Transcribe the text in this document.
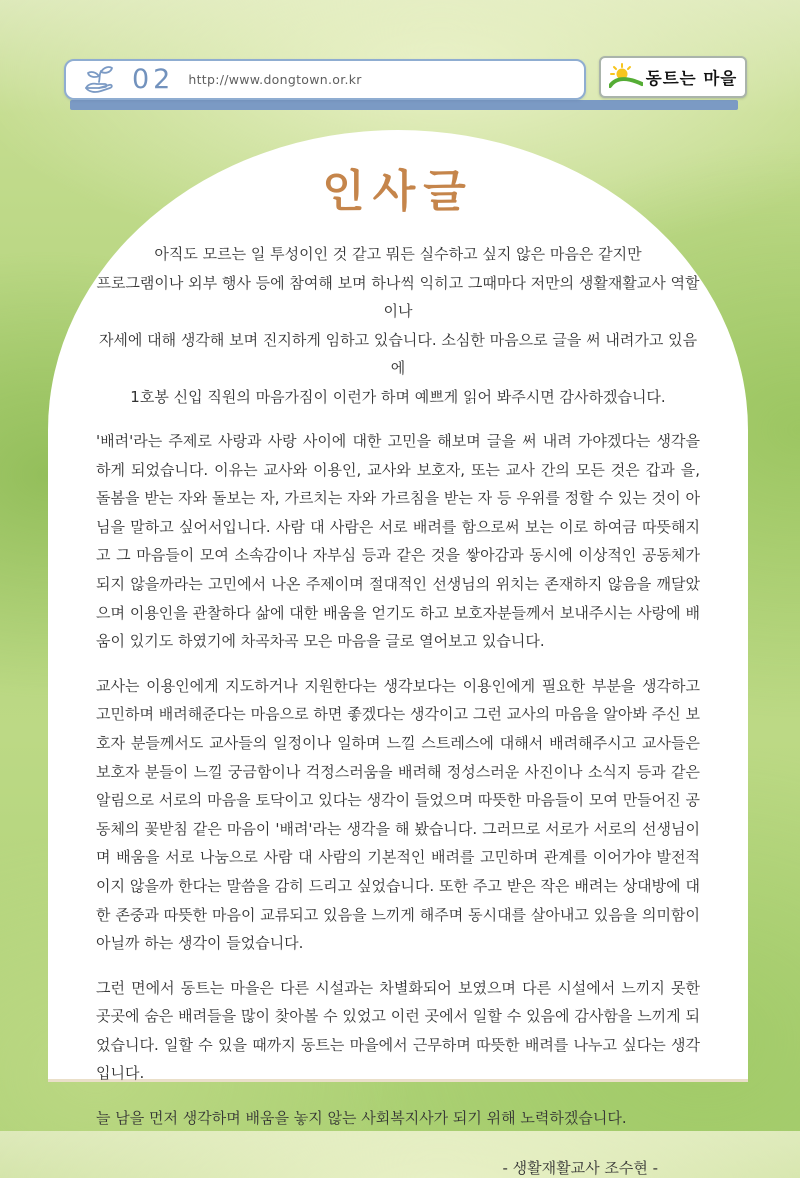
02 http://www.dongtown.or.kr	동트는 마을
인사글
아직도 모르는 일 투성이인 것 같고 뭐든 실수하고 싶지 않은 마음은 같지만
프로그램이나 외부 행사 등에 참여해 보며 하나씩 익히고 그때마다 저만의 생활재활교사 역할이나
자세에 대해 생각해 보며 진지하게 임하고 있습니다. 소심한 마음으로 글을 써 내려가고 있음에
1호봉 신입 직원의 마음가짐이 이런가 하며 예쁘게 읽어 봐주시면 감사하겠습니다.

'배려'라는 주제로 사랑과 사랑 사이에 대한 고민을 해보며 글을 써 내려 가야겠다는 생각을 하게 되었습니다. 이유는 교사와 이용인, 교사와 보호자, 또는 교사 간의 모든 것은 갑과 을, 돌봄을 받는 자와 돌보는 자, 가르치는 자와 가르침을 받는 자 등 우위를 정할 수 있는 것이 아님을 말하고 싶어서입니다. 사람 대 사람은 서로 배려를 함으로써 보는 이로 하여금 따뜻해지고 그 마음들이 모여 소속감이나 자부심 등과 같은 것을 쌓아감과 동시에 이상적인 공동체가 되지 않을까라는 고민에서 나온 주제이며 절대적인 선생님의 위치는 존재하지 않음을 깨달았으며 이용인을 관찰하다 삶에 대한 배움을 얻기도 하고 보호자분들께서 보내주시는 사랑에 배움이 있기도 하였기에 차곡차곡 모은 마음을 글로 열어보고 있습니다.

교사는 이용인에게 지도하거나 지원한다는 생각보다는 이용인에게 필요한 부분을 생각하고 고민하며 배려해준다는 마음으로 하면 좋겠다는 생각이고 그런 교사의 마음을 알아봐 주신 보호자 분들께서도 교사들의 일정이나 일하며 느낄 스트레스에 대해서 배려해주시고 교사들은 보호자 분들이 느낄 궁금함이나 걱정스러움을 배려해 정성스러운 사진이나 소식지 등과 같은 알림으로 서로의 마음을 토닥이고 있다는 생각이 들었으며 따뜻한 마음들이 모여 만들어진 공동체의 꽃받침 같은 마음이 '배려'라는 생각을 해 봤습니다. 그러므로 서로가 서로의 선생님이며 배움을 서로 나눔으로 사람 대 사람의 기본적인 배려를 고민하며 관계를 이어가야 발전적이지 않을까 한다는 말씀을 감히 드리고 싶었습니다. 또한 주고 받은 작은 배려는 상대방에 대한 존중과 따뜻한 마음이 교류되고 있음을 느끼게 해주며 동시대를 살아내고 있음을 의미함이 아닐까 하는 생각이 들었습니다.

그런 면에서 동트는 마을은 다른 시설과는 차별화되어 보였으며 다른 시설에서 느끼지 못한 곳곳에 숨은 배려들을 많이 찾아볼 수 있었고 이런 곳에서 일할 수 있음에 감사함을 느끼게 되었습니다. 일할 수 있을 때까지 동트는 마을에서 근무하며 따뜻한 배려를 나누고 싶다는 생각입니다.

늘 남을 먼저 생각하며 배움을 놓지 않는 사회복지사가 되기 위해 노력하겠습니다.

- 생활재활교사 조수현 -
